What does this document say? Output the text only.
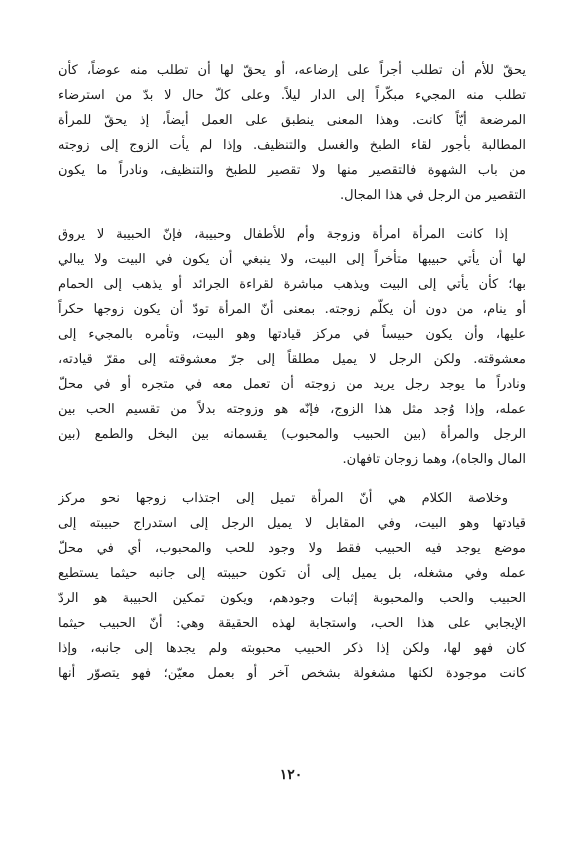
يحقّ للأم أن تطلب أجراً على إرضاعه، أو يحقّ لها أن تطلب منه عوضاً، كأن
تطلب منه المجيء مبكّراً إلى الدار ليلاً. وعلى كلّ حال لا بدّ من استرضاء
المرضعة أيّاً كانت. وهذا المعنى ينطبق على العمل أيضاً، إذ يحقّ للمرأة
المطالبة بأجور لقاء الطبخ والغسل والتنظيف. وإذا لم يأت الزوج إلى زوجته
من باب الشهوة فالتقصير منها ولا تقصير للطبخ والتنظيف، ونادراً ما يكون
التقصير من الرجل في هذا المجال.
إذا كانت المرأة امرأة وزوجة وأم للأطفال وحبيبة، فإنّ الحبيبة لا يروق
لها أن يأتي حبيبها متأخراً إلى البيت، ولا ينبغي أن يكون في البيت ولا يبالي
بها؛ كأن يأتي إلى البيت ويذهب مباشرة لقراءة الجرائد أو يذهب إلى الحمام
أو ينام، من دون أن يكلّم زوجته. بمعنى أنّ المرأة تودّ أن يكون زوجها حكراً
عليها، وأن يكون حبيساً في مركز قيادتها وهو البيت، وتأمره بالمجيء إلى
معشوقته. ولكن الرجل لا يميل مطلقاً إلى جرّ معشوقته إلى مقرّ قيادته،
ونادراً ما يوجد رجل يريد من زوجته أن تعمل معه في متجره أو في محلّ
عمله، وإذا وُجد مثل هذا الزوج، فإنّه هو وزوجته بدلاً من تقسيم الحب بين
الرجل والمرأة (بين الحبيب والمحبوب) يقسمانه بين البخل والطمع (بين
المال والجاه)، وهما زوجان تافهان.
وخلاصة الكلام هي أنّ المرأة تميل إلى اجتذاب زوجها نحو مركز
قيادتها وهو البيت، وفي المقابل لا يميل الرجل إلى استدراج حبيبته إلى
موضع يوجد فيه الحبيب فقط ولا وجود للحب والمحبوب، أي في محلّ
عمله وفي مشغله، بل يميل إلى أن تكون حبيبته إلى جانبه حيثما يستطيع
الحبيب والحب والمحبوبة إثبات وجودهم، ويكون تمكين الحبيبة هو الردّ
الإيجابي على هذا الحب، واستجابة لهذه الحقيقة وهي: أنّ الحبيب حيثما
كان فهو لها، ولكن إذا ذكر الحبيب محبوبته ولم يجدها إلى جانبه، وإذا
كانت موجودة لكنها مشغولة بشخص آخر أو بعمل معيّن؛ فهو يتصوّر أنها
١٢٠
